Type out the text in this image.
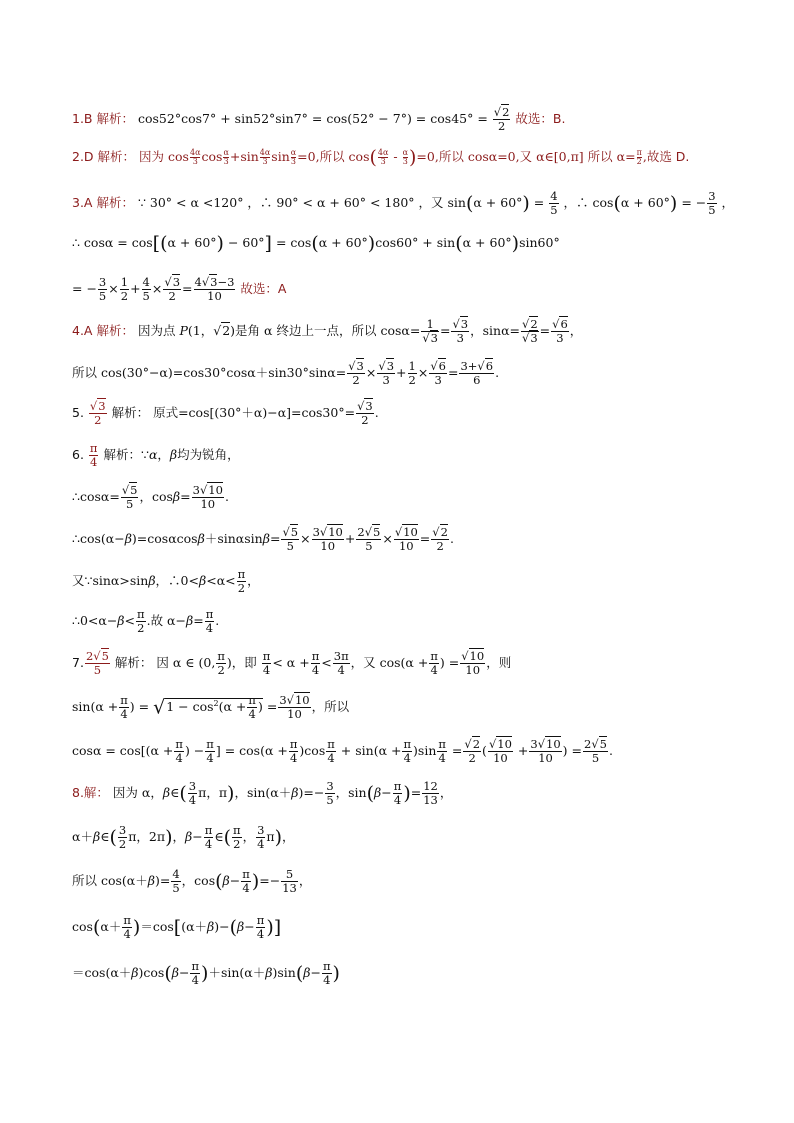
1.B 解析： cos52°cos7° + sin52°sin7° = cos(52° − 7°) = cos45° = √ $\frac{2}{2}$ 故选：B.
2.D 解析： 因为 $\cos \frac{4\alpha}{3}$ $\cos \frac{\alpha}{3} +\sin \frac{4\alpha}{3}$ $\sin \frac{\alpha}{3} =0$,所以 $\cos( \frac{4\alpha}{3} - \frac{\alpha}{3} )=0$,所以 cosα=0,又 α∈[0,π] 所以 $\alpha= \frac{\pi}{2}$ ,故选 D.
3.A 解析： ∵ 30° < α <120° ，∴ 90° < α + 60° < 180° ，又 $\sin(\alpha + 60^\circ) = \frac{4}{5}$ ，∴ cos(α + 60°) = − $\frac{3}{5}$ ，
∴ cosα = cos[(α + 60°) − 60°] = cos(α + 60°)cos60° + sin(α + 60°)sin60°
= − $\frac{3}{5} \times \frac{1}{2} + \frac{4}{5}$ × √ $\frac{3}{2} = \frac{4 √ 3-3}{10}$ 故选：A
4.A 解析： 因为点 P(1， √ 2)是角 α 终边上一点，所以 cosα= 1
√ 3 = √ $\frac{3}{3}$ ，sinα= √ 2
√ 3 = √ $\frac{6}{3}$ ，
所以 cos(30°−α)=cos30°cosα＋sin30°sinα= √ $\frac{3}{2}$ × √ $\frac{3}{3} + \frac{1}{2}$ × √ $\frac{6}{3} = \frac{3+ √ 6}{6}$ .
5. √ $\frac{3}{2}$ 解析： 原式=cos[(30°＋α)−α]=cos30°= √ $\frac{3}{2}$ .
6. $\frac{\pi}{4}$ 解析：∵α，β均为锐角，
∴cosα= √ $\frac{5}{5}$ ，$\cos\beta= \frac{3 √ 10}{10}$ .
∴cos(α−β)=cosαcosβ＋sinαsinβ= √ $\frac{5}{5} \times \frac{3 √ 10}{10} + \frac{2 √ 5}{5}$ × √ $\frac{10}{10}$ = √ $\frac{2}{2}$ .
又∵sinα>sinβ，∴0<β<α< $\frac{\pi}{2}$ ，
∴0<α−β< $\frac{\pi}{2}$ .故 $\alpha-\beta= \frac{\pi}{4}$ .
7. $\frac{2 √ 5}{5}$ 解析： 因 α ∈ (0, $\frac{\pi}{2}$ )，即 $\frac{\pi}{4} < \alpha + \frac{\pi}{4} < \frac{3\pi}{4}$ ，又 $\cos(\alpha + \frac{\pi}{4}$ ) = √ $\frac{10}{10}$ ，则
$\sin(\alpha + \frac{\pi}{4}$ ) = $√1 - \cos^2(\alpha + \frac{\pi}{4}$ ) = $\frac{3 √ 10}{10}$ ，所以
$\cos\alpha = \cos[(\alpha + \frac{\pi}{4}$ ) − $\frac{\pi}{4}$ ] = $\cos(\alpha + \frac{\pi}{4} )\cos \frac{\pi}{4} + \sin(\alpha + \frac{\pi}{4} )\sin \frac{\pi}{4}$ = √ $\frac{2}{2}$ ( √ $\frac{10}{10} + \frac{3 √ 10}{10}$ ) = $\frac{2 √ 5}{5}$ .
8.解： 因为 α，β∈( $\frac{3}{4}$ π，π)，$\sin(\alpha+\beta)=- \frac{3}{5}$ ，$\sin(\beta- \frac{\pi}{4}$ )= $\frac{12}{13}$ ，
α＋β∈( $\frac{3}{2}$ π，2π)，$\beta- \frac{\pi}{4}$ ∈( $\frac{\pi}{2}$ ， $\frac{3}{4} \pi$)，
所以 $\cos(\alpha+\beta)= \frac{4}{5}$ ，$\cos(\beta- \frac{\pi}{4}$ )=− $\frac{5}{13}$ ，
$\cos(\alpha+ \frac{\pi}{4} )=\cos[(\alpha+\beta)-(\beta- \frac{\pi}{4}$ )]
$=\cos(\alpha+\beta)\cos(\beta- \frac{\pi}{4} )+\sin(\alpha+\beta)\sin(\beta- \frac{\pi}{4}$ )
